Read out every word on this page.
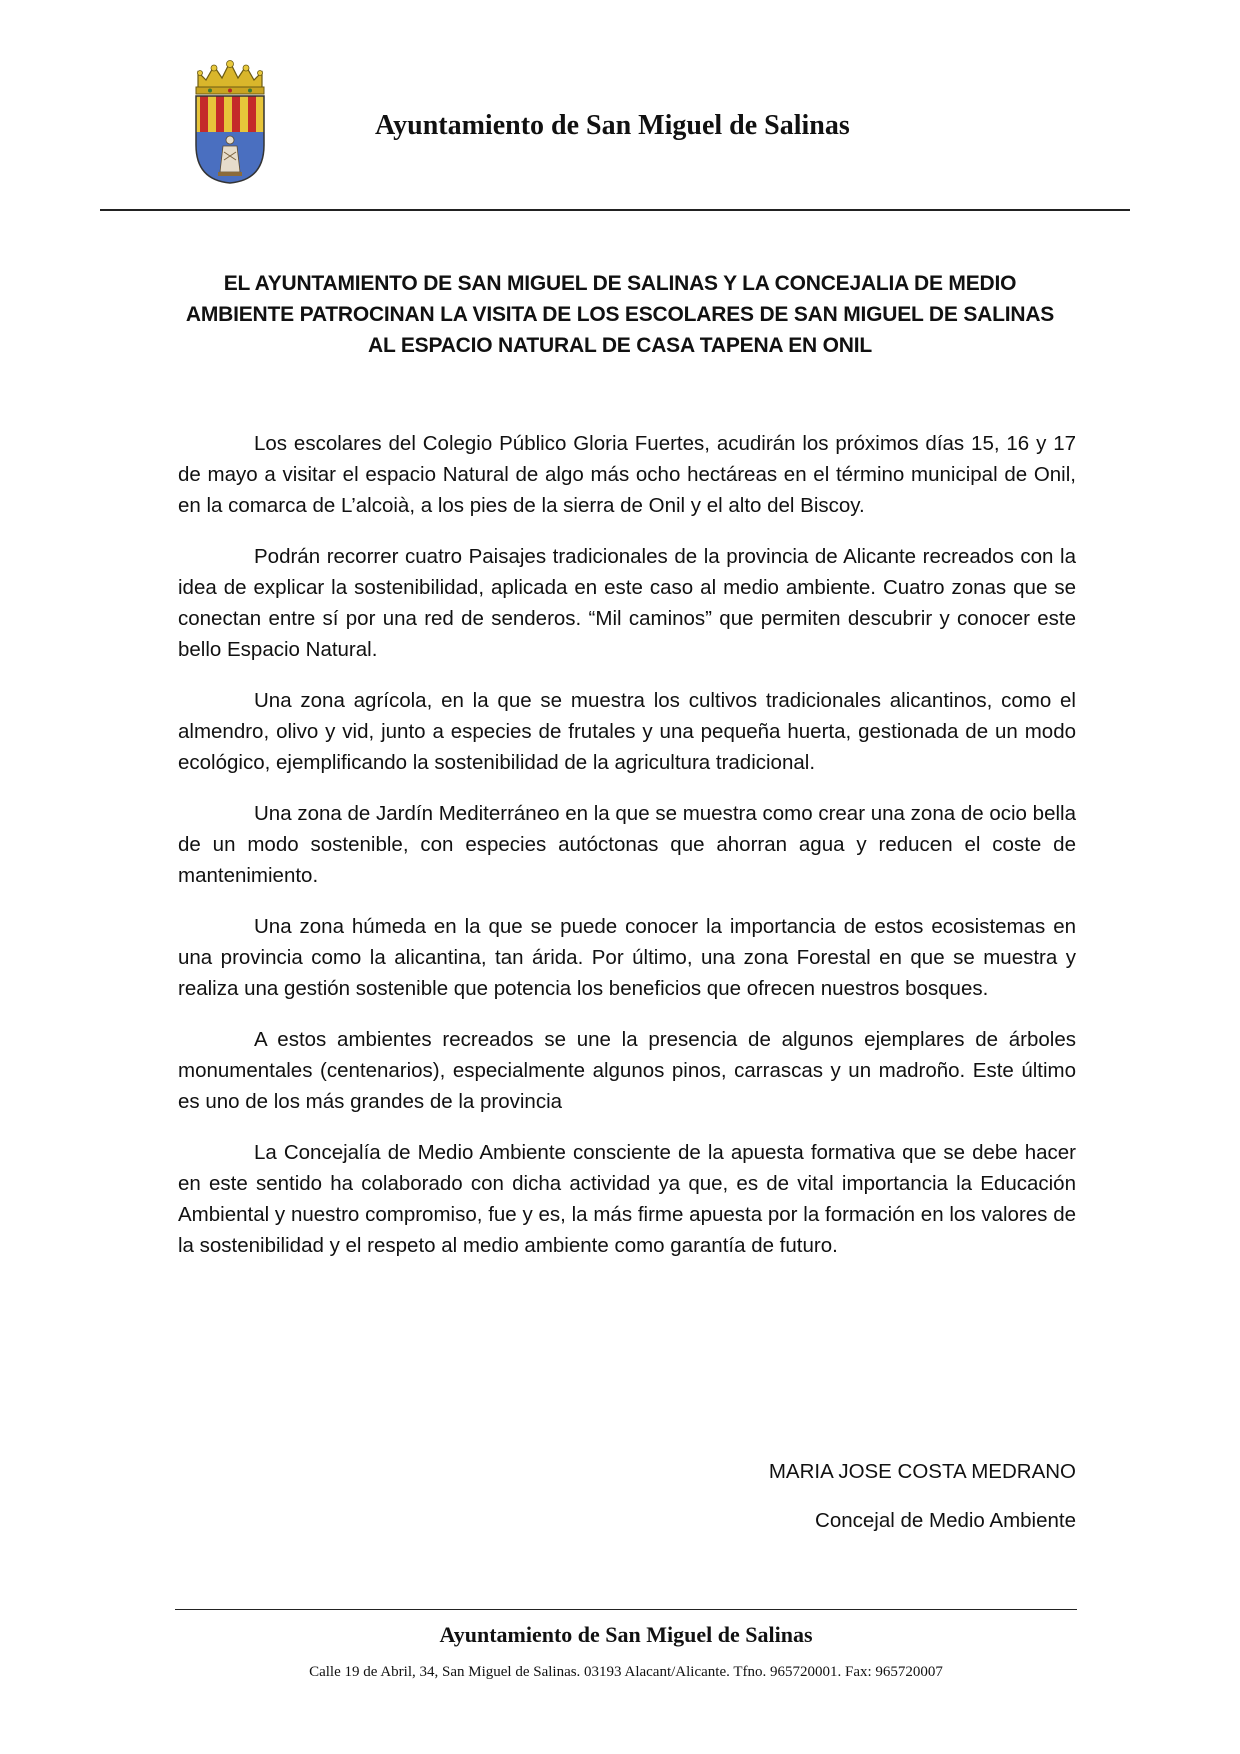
Ayuntamiento de San Miguel de Salinas
EL AYUNTAMIENTO DE SAN MIGUEL DE SALINAS Y LA CONCEJALIA DE MEDIO
AMBIENTE PATROCINAN LA VISITA DE LOS ESCOLARES DE SAN MIGUEL DE SALINAS
AL ESPACIO NATURAL DE CASA TAPENA EN ONIL

Los escolares del Colegio Público Gloria Fuertes, acudirán los próximos días 15, 16 y 17 de mayo a visitar el espacio Natural de algo más ocho hectáreas en el término municipal de Onil, en la comarca de L’alcoià, a los pies de la sierra de Onil y el alto del Biscoy.

Podrán recorrer cuatro Paisajes tradicionales de la provincia de Alicante recreados con la idea de explicar la sostenibilidad, aplicada en este caso al medio ambiente. Cuatro zonas que se conectan entre sí por una red de senderos. “Mil caminos” que permiten descubrir y conocer este bello Espacio Natural.

Una zona agrícola, en la que se muestra los cultivos tradicionales alicantinos, como el almendro, olivo y vid, junto a especies de frutales y una pequeña huerta, gestionada de un modo ecológico, ejemplificando la sostenibilidad de la agricultura tradicional.

Una zona de Jardín Mediterráneo en la que se muestra como crear una zona de ocio bella de un modo sostenible, con especies autóctonas que ahorran agua y reducen el coste de mantenimiento.

Una zona húmeda en la que se puede conocer la importancia de estos ecosistemas en una provincia como la alicantina, tan árida. Por último, una zona Forestal en que se muestra y realiza una gestión sostenible que potencia los beneficios que ofrecen nuestros bosques.

A estos ambientes recreados se une la presencia de algunos ejemplares de árboles monumentales (centenarios), especialmente algunos pinos, carrascas y un madroño. Este último es uno de los más grandes de la provincia

La Concejalía de Medio Ambiente consciente de la apuesta formativa que se debe hacer en este sentido ha colaborado con dicha actividad ya que, es de vital importancia la Educación Ambiental y nuestro compromiso, fue y es, la más firme apuesta por la formación en los valores de la sostenibilidad y el respeto al medio ambiente como garantía de futuro.

MARIA JOSE COSTA MEDRANO
Concejal de Medio Ambiente
Ayuntamiento de San Miguel de Salinas
Calle 19 de Abril, 34, San Miguel de Salinas. 03193 Alacant/Alicante. Tfno. 965720001. Fax: 965720007
